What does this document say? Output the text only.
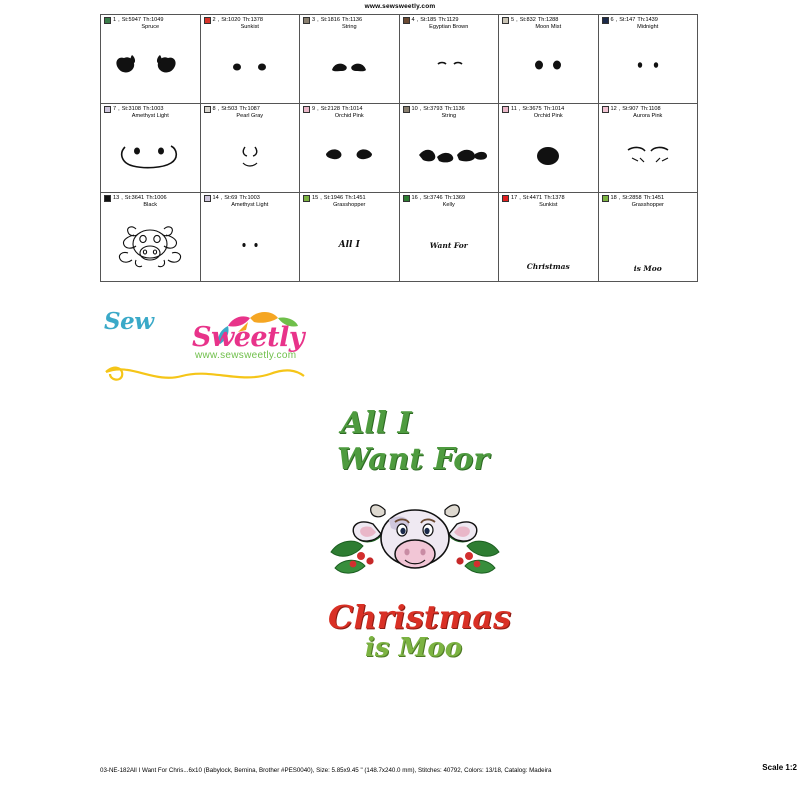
www.sewsweetly.com
1 , St:5947 Th:1049
Spruce
2 , St:1020 Th:1378
Sunkist
3 , St:1816 Th:1136
String
4 , St:185 Th:1129
Egyptian Brown
5 , St:832 Th:1288
Moon Mist
6 , St:147 Th:1439
Midnight
7 , St:3108 Th:1003
Amethyst Light
8 , St:503 Th:1087
Pearl Gray
9 , St:2128 Th:1014
Orchid Pink
10 , St:3793 Th:1136
String
11 , St:3675 Th:1014
Orchid Pink
12 , St:907 Th:1108
Aurora Pink
13 , St:3641 Th:1006
Black
14 , St:69 Th:1003
Amethyst Light
15 , St:1946 Th:1451
Grasshopper
All I
16 , St:3746 Th:1369
Kelly
Want For
17 , St:4471 Th:1378
Sunkist
Christmas
18 , St:2858 Th:1451
Grasshopper
is Moo
Sew
Sweetly
www.sewsweetly.com
All I
Want For
Christmas
is Moo
03-NE-182All I Want For Chris...6x10 (Babylock, Bernina, Brother #PES0040), Size: 5.85x9.45 " (148.7x240.0 mm), Stitches: 40792, Colors: 13/18, Catalog: Madeira	Scale 1:2
